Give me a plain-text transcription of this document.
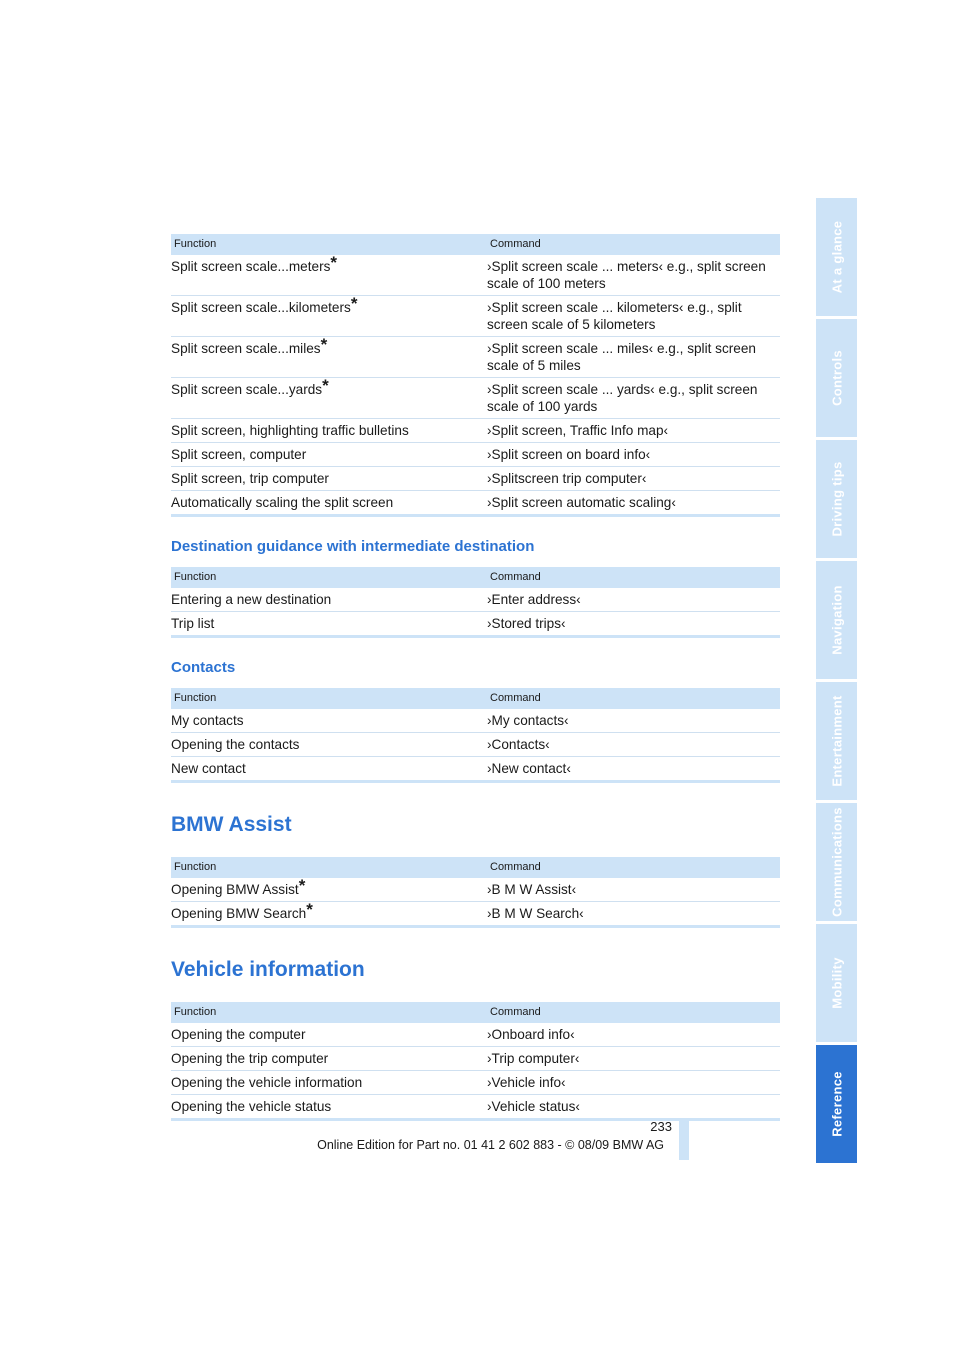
Function	Command
Split screen scale...meters*	›Split screen scale ... meters‹ e.g., split screen scale of 100 meters
Split screen scale...kilometers*	›Split screen scale ... kilometers‹ e.g., split screen scale of 5 kilometers
Split screen scale...miles*	›Split screen scale ... miles‹ e.g., split screen scale of 5 miles
Split screen scale...yards*	›Split screen scale ... yards‹ e.g., split screen scale of 100 yards
Split screen, highlighting traffic bulletins	›Split screen, Traffic Info map‹
Split screen, computer	›Split screen on board info‹
Split screen, trip computer	›Splitscreen trip computer‹
Automatically scaling the split screen	›Split screen automatic scaling‹
Destination guidance with intermediate destination
Function	Command
Entering a new destination	›Enter address‹
Trip list	›Stored trips‹
Contacts
Function	Command
My contacts	›My contacts‹
Opening the contacts	›Contacts‹
New contact	›New contact‹
BMW Assist
Function	Command
Opening BMW Assist*	›B M W Assist‹
Opening BMW Search*	›B M W Search‹
Vehicle information
Function	Command
Opening the computer	›Onboard info‹
Opening the trip computer	›Trip computer‹
Opening the vehicle information	›Vehicle info‹
Opening the vehicle status	›Vehicle status‹
233
Online Edition for Part no. 01 41 2 602 883 - © 08/09 BMW AG
At a glance
Controls
Driving tips
Navigation
Entertainment
Communications
Mobility
Reference
